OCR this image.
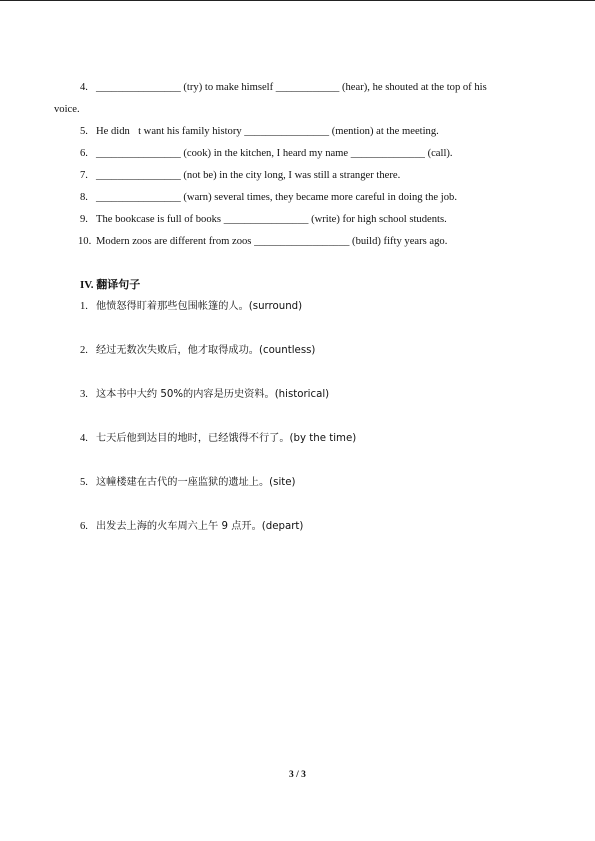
4. ________________ (try) to make himself ____________ (hear), he shouted at the top of his
voice.
5. He didn t want his family history ________________ (mention) at the meeting.
6. ________________ (cook) in the kitchen, I heard my name ______________ (call).
7. ________________ (not be) in the city long, I was still a stranger there.
8. ________________ (warn) several times, they became more careful in doing the job.
9. The bookcase is full of books ________________ (write) for high school students.
10. Modern zoos are different from zoos __________________ (build) fifty years ago.
IV. 翻译句子
1. 他愤怒得盯着那些包围帐篷的人。(surround)
2. 经过无数次失败后，他才取得成功。(countless)
3. 这本书中大约 50%的内容是历史资料。(historical)
4. 七天后他到达目的地时，已经饿得不行了。(by the time)
5. 这幢楼建在古代的一座监狱的遗址上。(site)
6. 出发去上海的火车周六上午 9 点开。(depart)
3 / 3
